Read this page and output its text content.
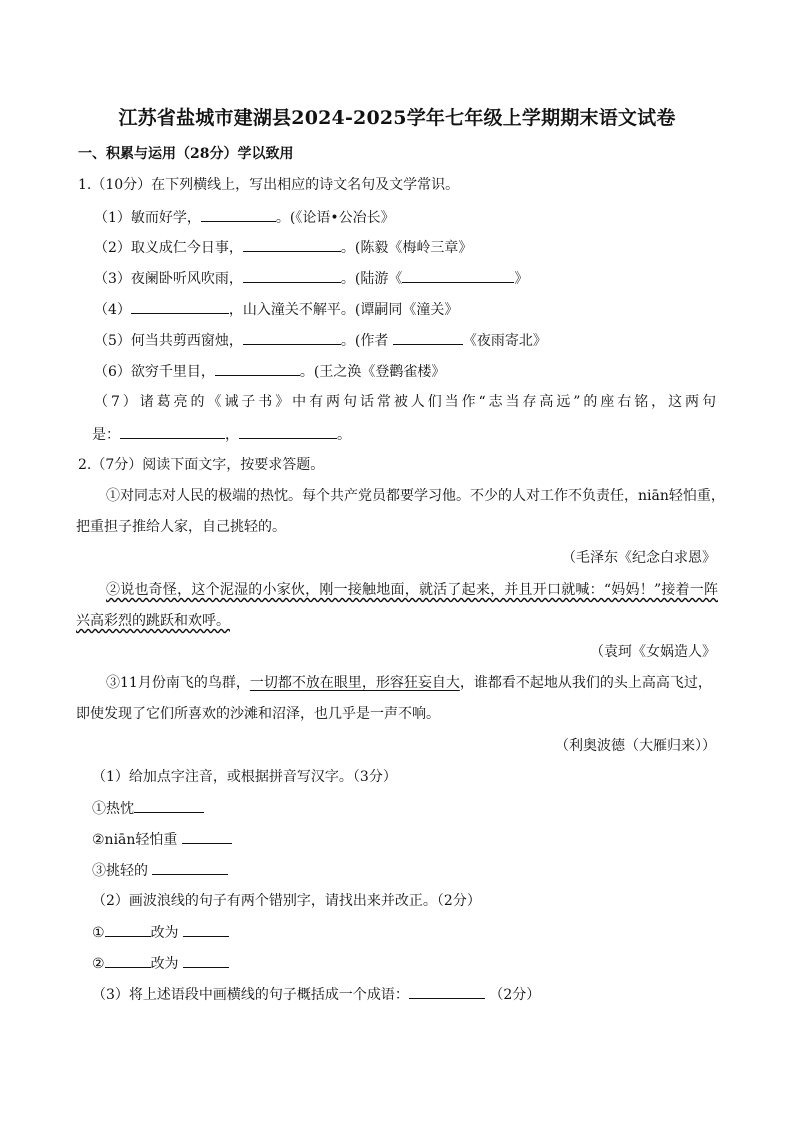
江苏省盐城市建湖县2024-2025学年七年级上学期期末语文试卷
一、积累与运用（28分）学以致用
1.（10分）在下列横线上，写出相应的诗文名句及文学常识。
（1）敏而好学，	。(《论语•公冶长》
（2）取义成仁今日事，	。(陈毅《梅岭三章》
（3）夜阑卧听风吹雨，	。(陆游《	》
（4）	，山入潼关不解平。(谭嗣同《潼关》
（5）何当共剪西窗烛，	。(作者	《夜雨寄北》
（6）欲穷千里目，	。(王之涣《登鹳雀楼》
（7）诸葛亮的《诫子书》中有两句话常被人们当作“志当存高远”的座右铭，这两句
是：	，	。
2.（7分）阅读下面文字，按要求答题。
①对同志对人民的极端的热忱。每个共产党员都要学习他。不少的人对工作不负责任，niān轻怕重，
把重担子推给人家，自己挑轻的。
（毛泽东《纪念白求恩》
②说也奇怪，这个泥湿的小家伙，刚一接触地面，就活了起来，并且开口就喊：“妈妈！”接着一阵
兴高彩烈的跳跃和欢呼。
（袁珂《女娲造人》
③11月份南飞的鸟群，一切都不放在眼里，形容狂妄自大，谁都看不起地从我们的头上高高飞过，
即使发现了它们所喜欢的沙滩和沼泽，也几乎是一声不响。
（利奥波德（大雁归来））
（1）给加点字注音，或根据拼音写汉字。（3分）
①热忱
②niān轻怕重
③挑轻的
（2）画波浪线的句子有两个错别字，请找出来并改正。（2分）
①	改为
②	改为
（3）将上述语段中画横线的句子概括成一个成语：	（2分）
